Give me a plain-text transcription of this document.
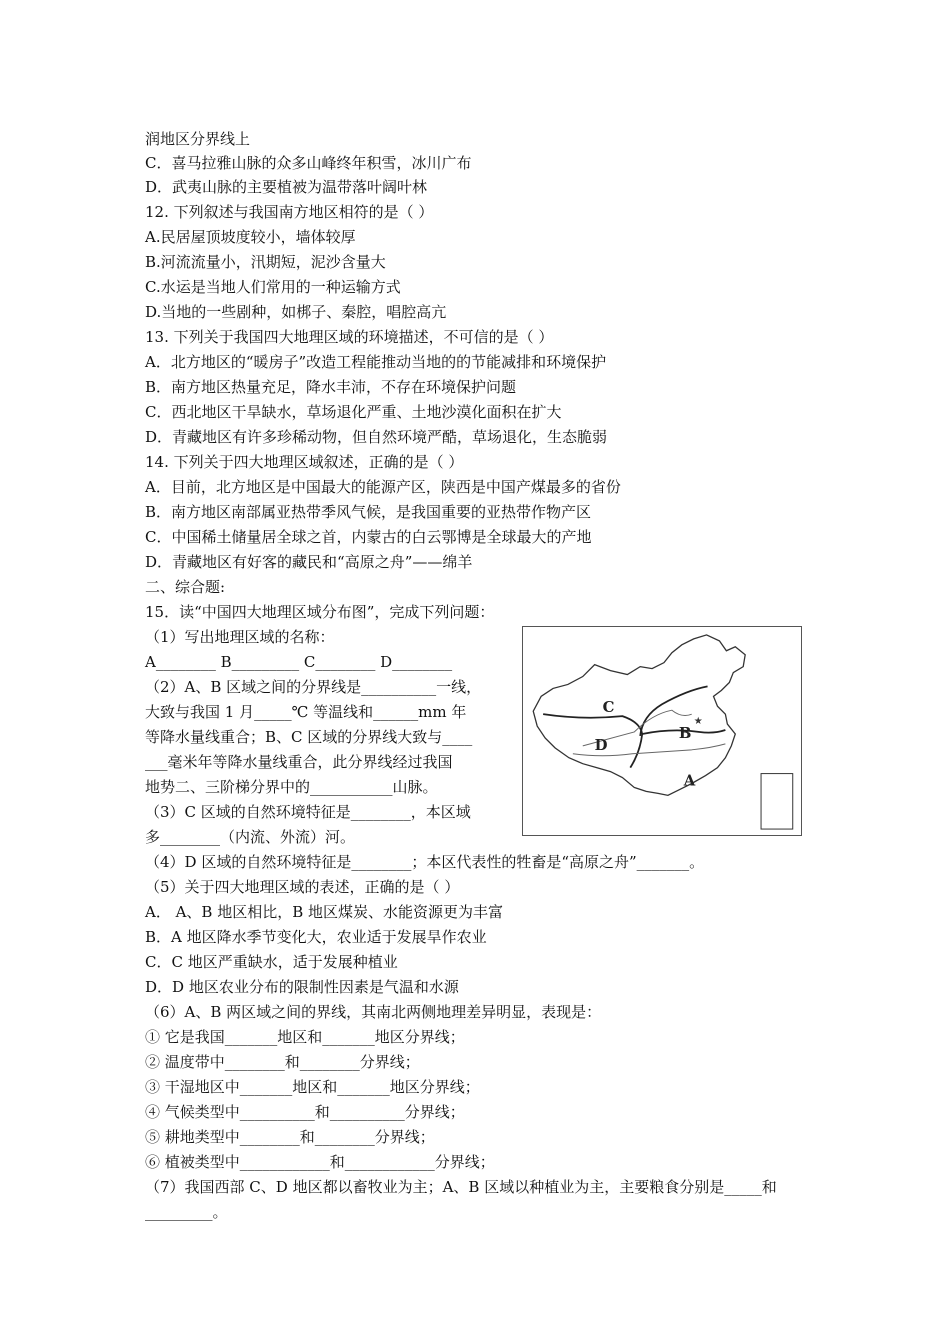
润地区分界线上
C．喜马拉雅山脉的众多山峰终年积雪，冰川广布
D．武夷山脉的主要植被为温带落叶阔叶林
12. 下列叙述与我国南方地区相符的是（ ）
A.民居屋顶坡度较小，墙体较厚
B.河流流量小，汛期短，泥沙含量大
C.水运是当地人们常用的一种运输方式
D.当地的一些剧种，如梆子、秦腔，唱腔高亢
13. 下列关于我国四大地理区域的环境描述，不可信的是（ ）
A．北方地区的“暖房子”改造工程能推动当地的的节能减排和环境保护
B．南方地区热量充足，降水丰沛，不存在环境保护问题
C．西北地区干旱缺水，草场退化严重、土地沙漠化面积在扩大
D．青藏地区有许多珍稀动物，但自然环境严酷，草场退化，生态脆弱
14. 下列关于四大地理区域叙述，正确的是（ ）
A．目前，北方地区是中国最大的能源产区，陕西是中国产煤最多的省份
B．南方地区南部属亚热带季风气候，是我国重要的亚热带作物产区
C．中国稀土储量居全球之首，内蒙古的白云鄂博是全球最大的产地
D．青藏地区有好客的藏民和“高原之舟”——绵羊
二、综合题:
15．读“中国四大地理区域分布图”，完成下列问题：
（1）写出地理区域的名称：
A________ B_________ C________ D________
（2）A、B 区域之间的分界线是__________一线，
大致与我国 1 月_____℃ 等温线和______mm 年
等降水量线重合；B、C 区域的分界线大致与____
___毫米年等降水量线重合，此分界线经过我国
地势二、三阶梯分界中的___________山脉。
（3）C 区域的自然环境特征是________，本区域
多________（内流、外流）河。
（4）D 区域的自然环境特征是________；本区代表性的牲畜是“高原之舟”_______。
（5）关于四大地理区域的表述，正确的是（ ）
A． A、B 地区相比，B 地区煤炭、水能资源更为丰富
B．A 地区降水季节变化大，农业适于发展旱作农业
C．C 地区严重缺水，适于发展种植业
D．D 地区农业分布的限制性因素是气温和水源
（6）A、B 两区域之间的界线，其南北两侧地理差异明显，表现是：
① 它是我国_______地区和_______地区分界线；
② 温度带中________和________分界线；
③ 干湿地区中_______地区和_______地区分界线；
④ 气候类型中__________和__________分界线；
⑤ 耕地类型中________和________分界线；
⑥ 植被类型中____________和____________分界线；
（7）我国西部 C、D 地区都以畜牧业为主；A、B 区域以种植业为主，主要粮食分别是_____和
_________。
C
B
D
A
★
